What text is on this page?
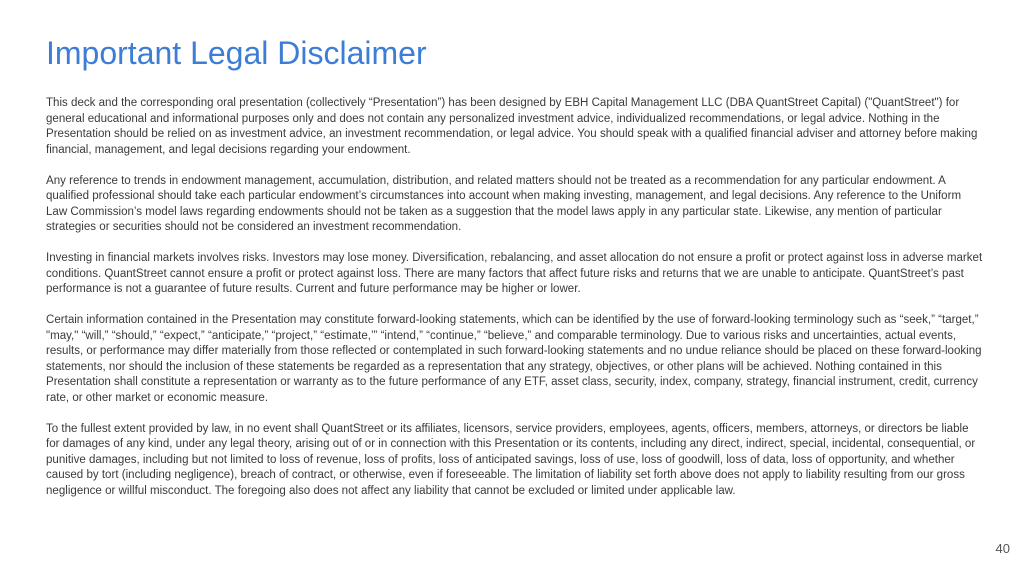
Important Legal Disclaimer

This deck and the corresponding oral presentation (collectively “Presentation”) has been designed by EBH Capital Management LLC (DBA QuantStreet Capital) ("QuantStreet") for general educational and informational purposes only and does not contain any personalized investment advice, individualized recommendations, or legal advice. Nothing in the Presentation should be relied on as investment advice, an investment recommendation, or legal advice. You should speak with a qualified financial adviser and attorney before making financial, management, and legal decisions regarding your endowment.

Any reference to trends in endowment management, accumulation, distribution, and related matters should not be treated as a recommendation for any particular endowment. A qualified professional should take each particular endowment’s circumstances into account when making investing, management, and legal decisions. Any reference to the Uniform Law Commission’s model laws regarding endowments should not be taken as a suggestion that the model laws apply in any particular state. Likewise, any mention of particular strategies or securities should not be considered an investment recommendation.

Investing in financial markets involves risks. Investors may lose money. Diversification, rebalancing, and asset allocation do not ensure a profit or protect against loss in adverse market conditions. QuantStreet cannot ensure a profit or protect against loss. There are many factors that affect future risks and returns that we are unable to anticipate. QuantStreet’s past performance is not a guarantee of future results. Current and future performance may be higher or lower.

Certain information contained in the Presentation may constitute forward-looking statements, which can be identified by the use of forward-looking terminology such as “seek,” “target,” "may," “will,” “should,” “expect,” “anticipate,” “project,” “estimate,’” “intend,” “continue,” “believe,” and comparable terminology. Due to various risks and uncertainties, actual events, results, or performance may differ materially from those reflected or contemplated in such forward-looking statements and no undue reliance should be placed on these forward-looking statements, nor should the inclusion of these statements be regarded as a representation that any strategy, objectives, or other plans will be achieved. Nothing contained in this Presentation shall constitute a representation or warranty as to the future performance of any ETF, asset class, security, index, company, strategy, financial instrument, credit, currency rate, or other market or economic measure.

To the fullest extent provided by law, in no event shall QuantStreet or its affiliates, licensors, service providers, employees, agents, officers, members, attorneys, or directors be liable for damages of any kind, under any legal theory, arising out of or in connection with this Presentation or its contents, including any direct, indirect, special, incidental, consequential, or punitive damages, including but not limited to loss of revenue, loss of profits, loss of anticipated savings, loss of use, loss of goodwill, loss of data, loss of opportunity, and whether caused by tort (including negligence), breach of contract, or otherwise, even if foreseeable. The limitation of liability set forth above does not apply to liability resulting from our gross negligence or willful misconduct. The foregoing also does not affect any liability that cannot be excluded or limited under applicable law.

40
